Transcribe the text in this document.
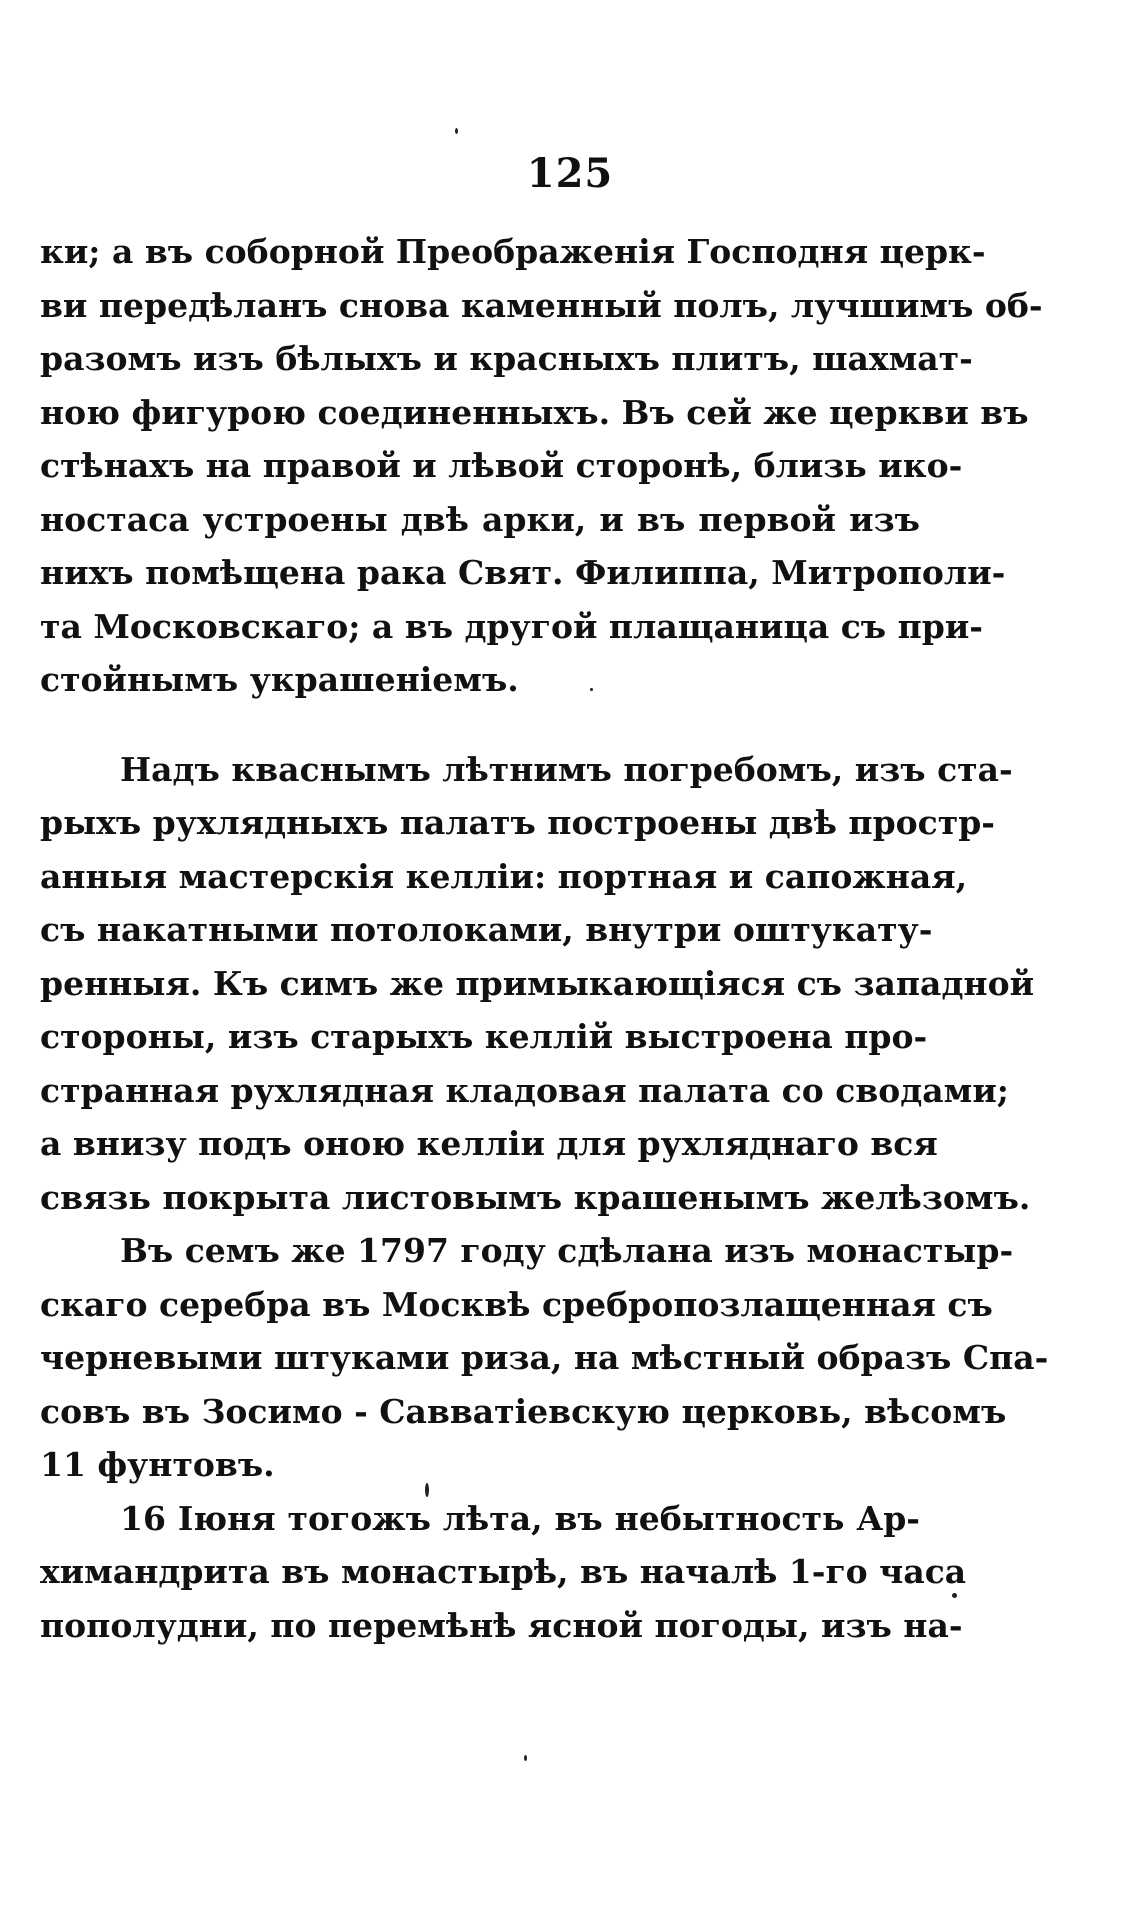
125
ки; а въ соборной Преображенія Господня церк-
ви передѣланъ снова каменный полъ, лучшимъ об-
разомъ изъ бѣлыхъ и красныхъ плитъ, шахмат-
ною фигурою соединенныхъ. Въ сей же церкви въ
стѣнахъ на правой и лѣвой сторонѣ, близь ико-
ностаса устроены двѣ арки, и въ первой изъ
нихъ помѣщена рака Свят. Филиппа, Митрополи-
та Московскаго; а въ другой плащаница съ при-
стойнымъ украшеніемъ.
Надъ кваснымъ лѣтнимъ погребомъ, изъ ста-
рыхъ рухлядныхъ палатъ построены двѣ простр-
анныя мастерскія келліи: портная и сапожная,
съ накатными потолоками, внутри оштукату-
ренныя. Къ симъ же примыкающіяся съ западной
стороны, изъ старыхъ келлій выстроена про-
странная рухлядная кладовая палата со сводами;
а внизу подъ оною келліи для рухляднаго вся
связь покрыта листовымъ крашенымъ желѣзомъ.
Въ семъ же 1797 году сдѣлана изъ монастыр-
скаго серебра въ Москвѣ сребропозлащенная съ
черневыми штуками риза, на мѣстный образъ Спа-
совъ въ Зосимо - Савватіевскую церковь, вѣсомъ
11 фунтовъ.
16 Іюня тогожъ лѣта, въ небытность Ар-
химандрита въ монастырѣ, въ началѣ 1-го часа
пополудни, по перемѣнѣ ясной погоды, изъ на-
